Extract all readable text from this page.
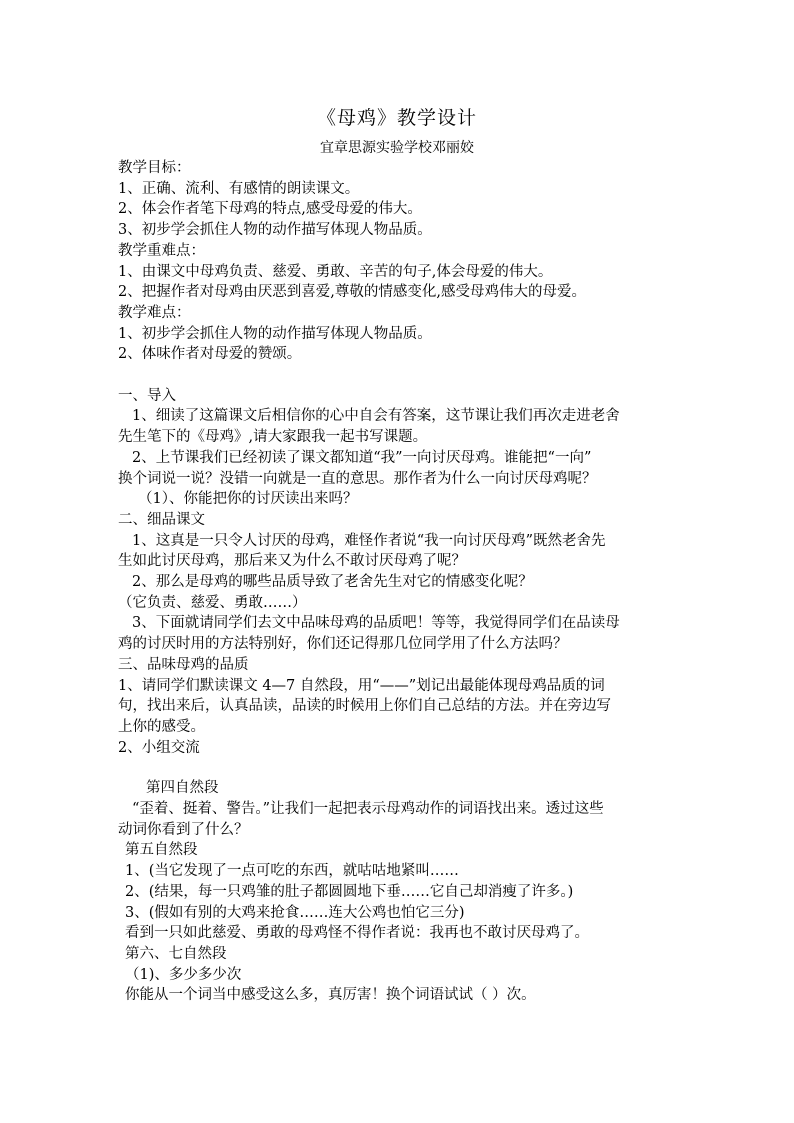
《母鸡》教学设计
宜章思源实验学校邓丽姣

教学目标：

1、正确、流利、有感情的朗读课文。

2、体会作者笔下母鸡的特点,感受母爱的伟大。

3、初步学会抓住人物的动作描写体现人物品质。

教学重难点：

1、由课文中母鸡负责、慈爱、勇敢、辛苦的句子,体会母爱的伟大。

2、把握作者对母鸡由厌恶到喜爱,尊敬的情感变化,感受母鸡伟大的母爱。

教学难点：

1、初步学会抓住人物的动作描写体现人物品质。

2、体味作者对母爱的赞颂。

一、导入

1、细读了这篇课文后相信你的心中自会有答案，这节课让我们再次走进老舍

先生笔下的《母鸡》,请大家跟我一起书写课题。

2、上节课我们已经初读了课文都知道“我”一向讨厌母鸡。谁能把“一向”

换个词说一说？没错一向就是一直的意思。那作者为什么一向讨厌母鸡呢？

（1）、你能把你的讨厌读出来吗？

二、细品课文

1、这真是一只令人讨厌的母鸡，难怪作者说“我一向讨厌母鸡”既然老舍先

生如此讨厌母鸡，那后来又为什么不敢讨厌母鸡了呢？

2、那么是母鸡的哪些品质导致了老舍先生对它的情感变化呢？

（它负责、慈爱、勇敢……）

3、下面就请同学们去文中品味母鸡的品质吧！等等，我觉得同学们在品读母

鸡的讨厌时用的方法特别好，你们还记得那几位同学用了什么方法吗？

三、品味母鸡的品质

1、请同学们默读课文 4—7 自然段，用“——”划记出最能体现母鸡品质的词

句，找出来后，认真品读，品读的时候用上你们自己总结的方法。并在旁边写

上你的感受。

2、小组交流

第四自然段

“歪着、挺着、警告。”让我们一起把表示母鸡动作的词语找出来。透过这些

动词你看到了什么？

第五自然段

1、(当它发现了一点可吃的东西，就咕咕地紧叫……

2、(结果，每一只鸡雏的肚子都圆圆地下垂……它自己却消瘦了许多。)

3、(假如有别的大鸡来抢食……连大公鸡也怕它三分)

看到一只如此慈爱、勇敢的母鸡怪不得作者说：我再也不敢讨厌母鸡了。

第六、七自然段

（1)、多少多少次

你能从一个词当中感受这么多，真厉害！换个词语试试（ ）次。
